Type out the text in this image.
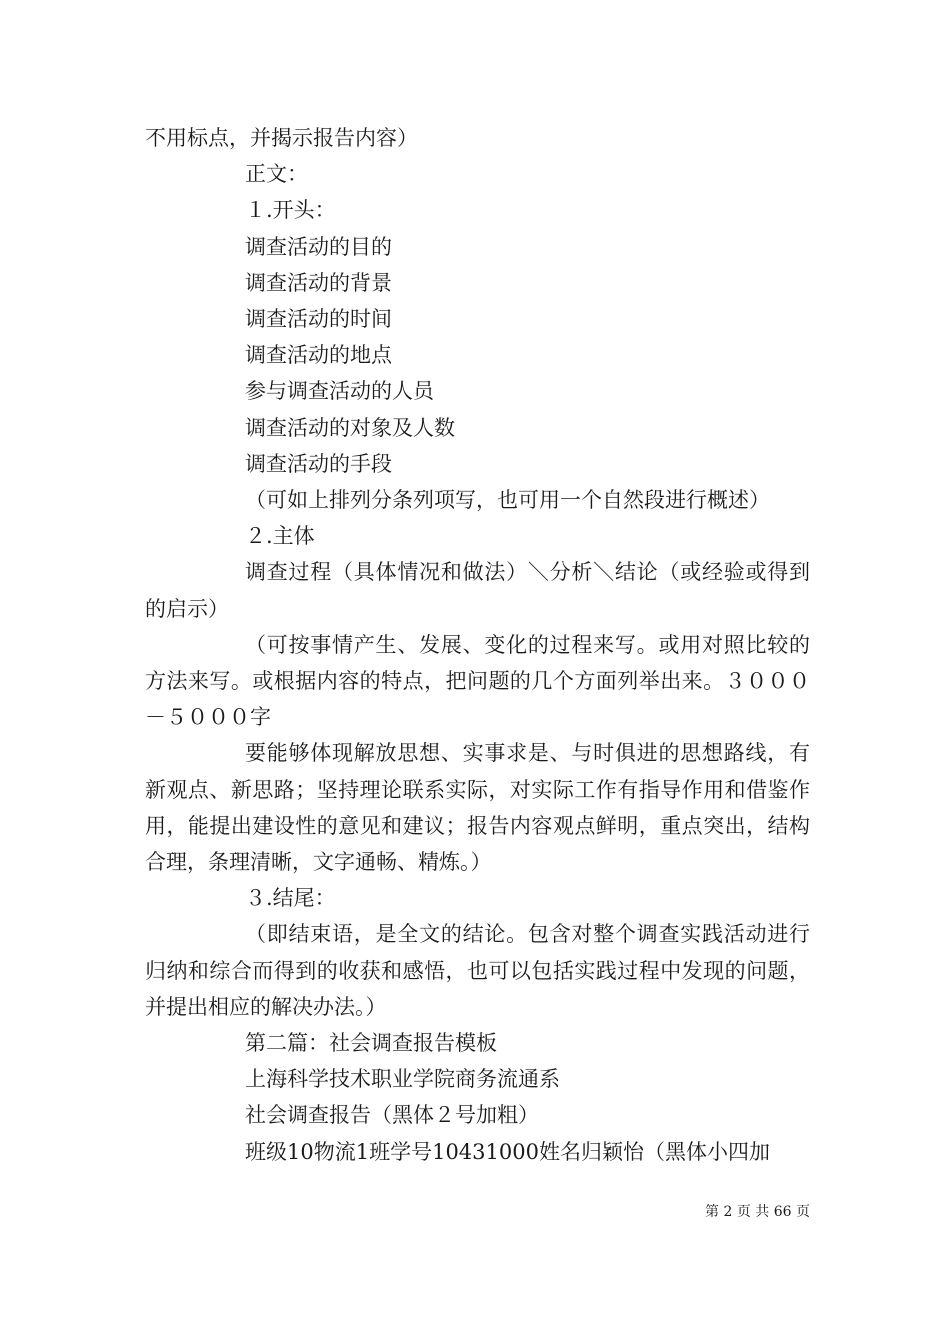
不用标点，并揭示报告内容）

正文：

１.开头：

调查活动的目的

调查活动的背景

调查活动的时间

调查活动的地点

参与调查活动的人员

调查活动的对象及人数

调查活动的手段

（可如上排列分条列项写，也可用一个自然段进行概述）

２.主体

调查过程（具体情况和做法）＼分析＼结论（或经验或得到的启示）

（可按事情产生、发展、变化的过程来写。或用对照比较的方法来写。或根据内容的特点，把问题的几个方面列举出来。３０００－５０００字

要能够体现解放思想、实事求是、与时俱进的思想路线，有新观点、新思路；坚持理论联系实际，对实际工作有指导作用和借鉴作用，能提出建设性的意见和建议；报告内容观点鲜明，重点突出，结构合理，条理清晰，文字通畅、精炼。）

３.结尾：

（即结束语，是全文的结论。包含对整个调查实践活动进行归纳和综合而得到的收获和感悟，也可以包括实践过程中发现的问题，并提出相应的解决办法。）

第二篇：社会调查报告模板

上海科学技术职业学院商务流通系

社会调查报告（黑体２号加粗）

班级10物流1班学号10431000姓名归颖怡（黑体小四加

第 2 页 共 66 页
